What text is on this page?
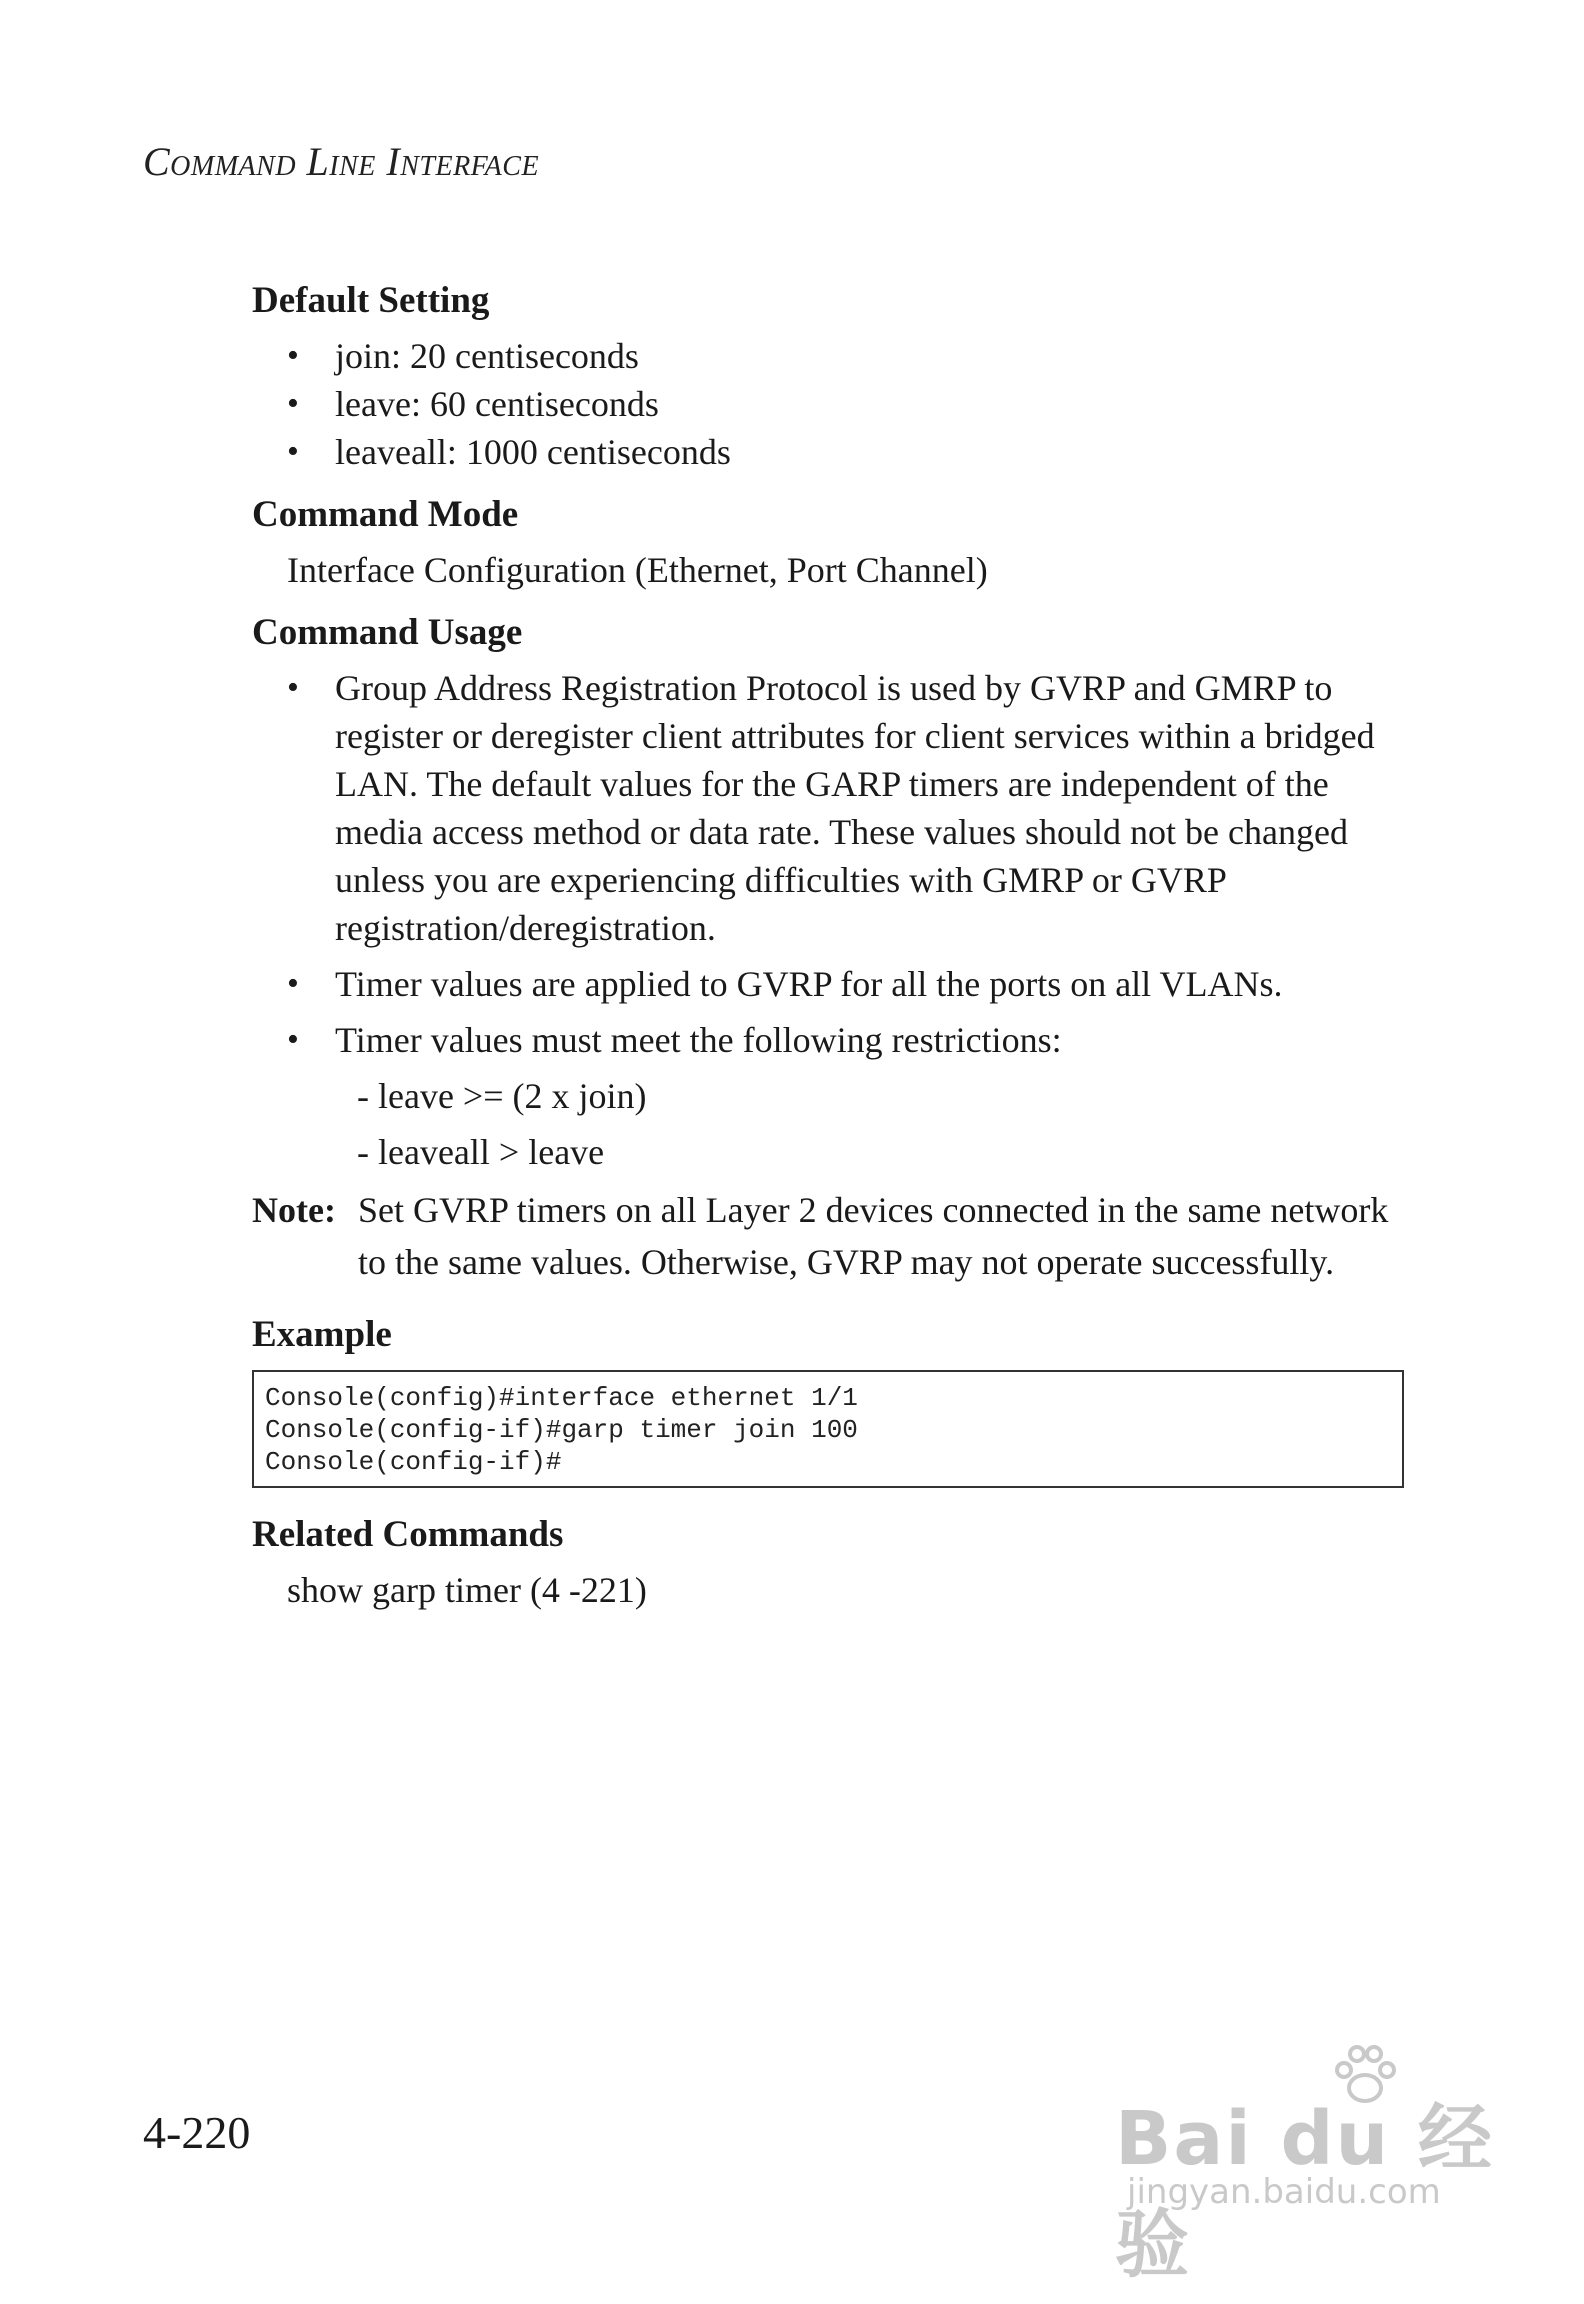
Command Line Interface
Default Setting
• join: 20 centiseconds
• leave: 60 centiseconds
• leaveall: 1000 centiseconds
Command Mode

Interface Configuration (Ethernet, Port Channel)

Command Usage
• Group Address Registration Protocol is used by GVRP and GMRP to register or deregister client attributes for client services within a bridged LAN. The default values for the GARP timers are independent of the media access method or data rate. These values should not be changed unless you are experiencing difficulties with GMRP or GVRP registration/deregistration.
• Timer values are applied to GVRP for all the ports on all VLANs.
• Timer values must meet the following restrictions:
- leave >= (2 x join)
- leaveall > leave
Note: Set GVRP timers on all Layer 2 devices connected in the same network to the same values. Otherwise, GVRP may not operate successfully.
Example
Console(config)#interface ethernet 1/1
Console(config-if)#garp timer join 100
Console(config-if)#
Related Commands

show garp timer (4 -221)

4-220	Bai du 经验
jingyan.baidu.com
